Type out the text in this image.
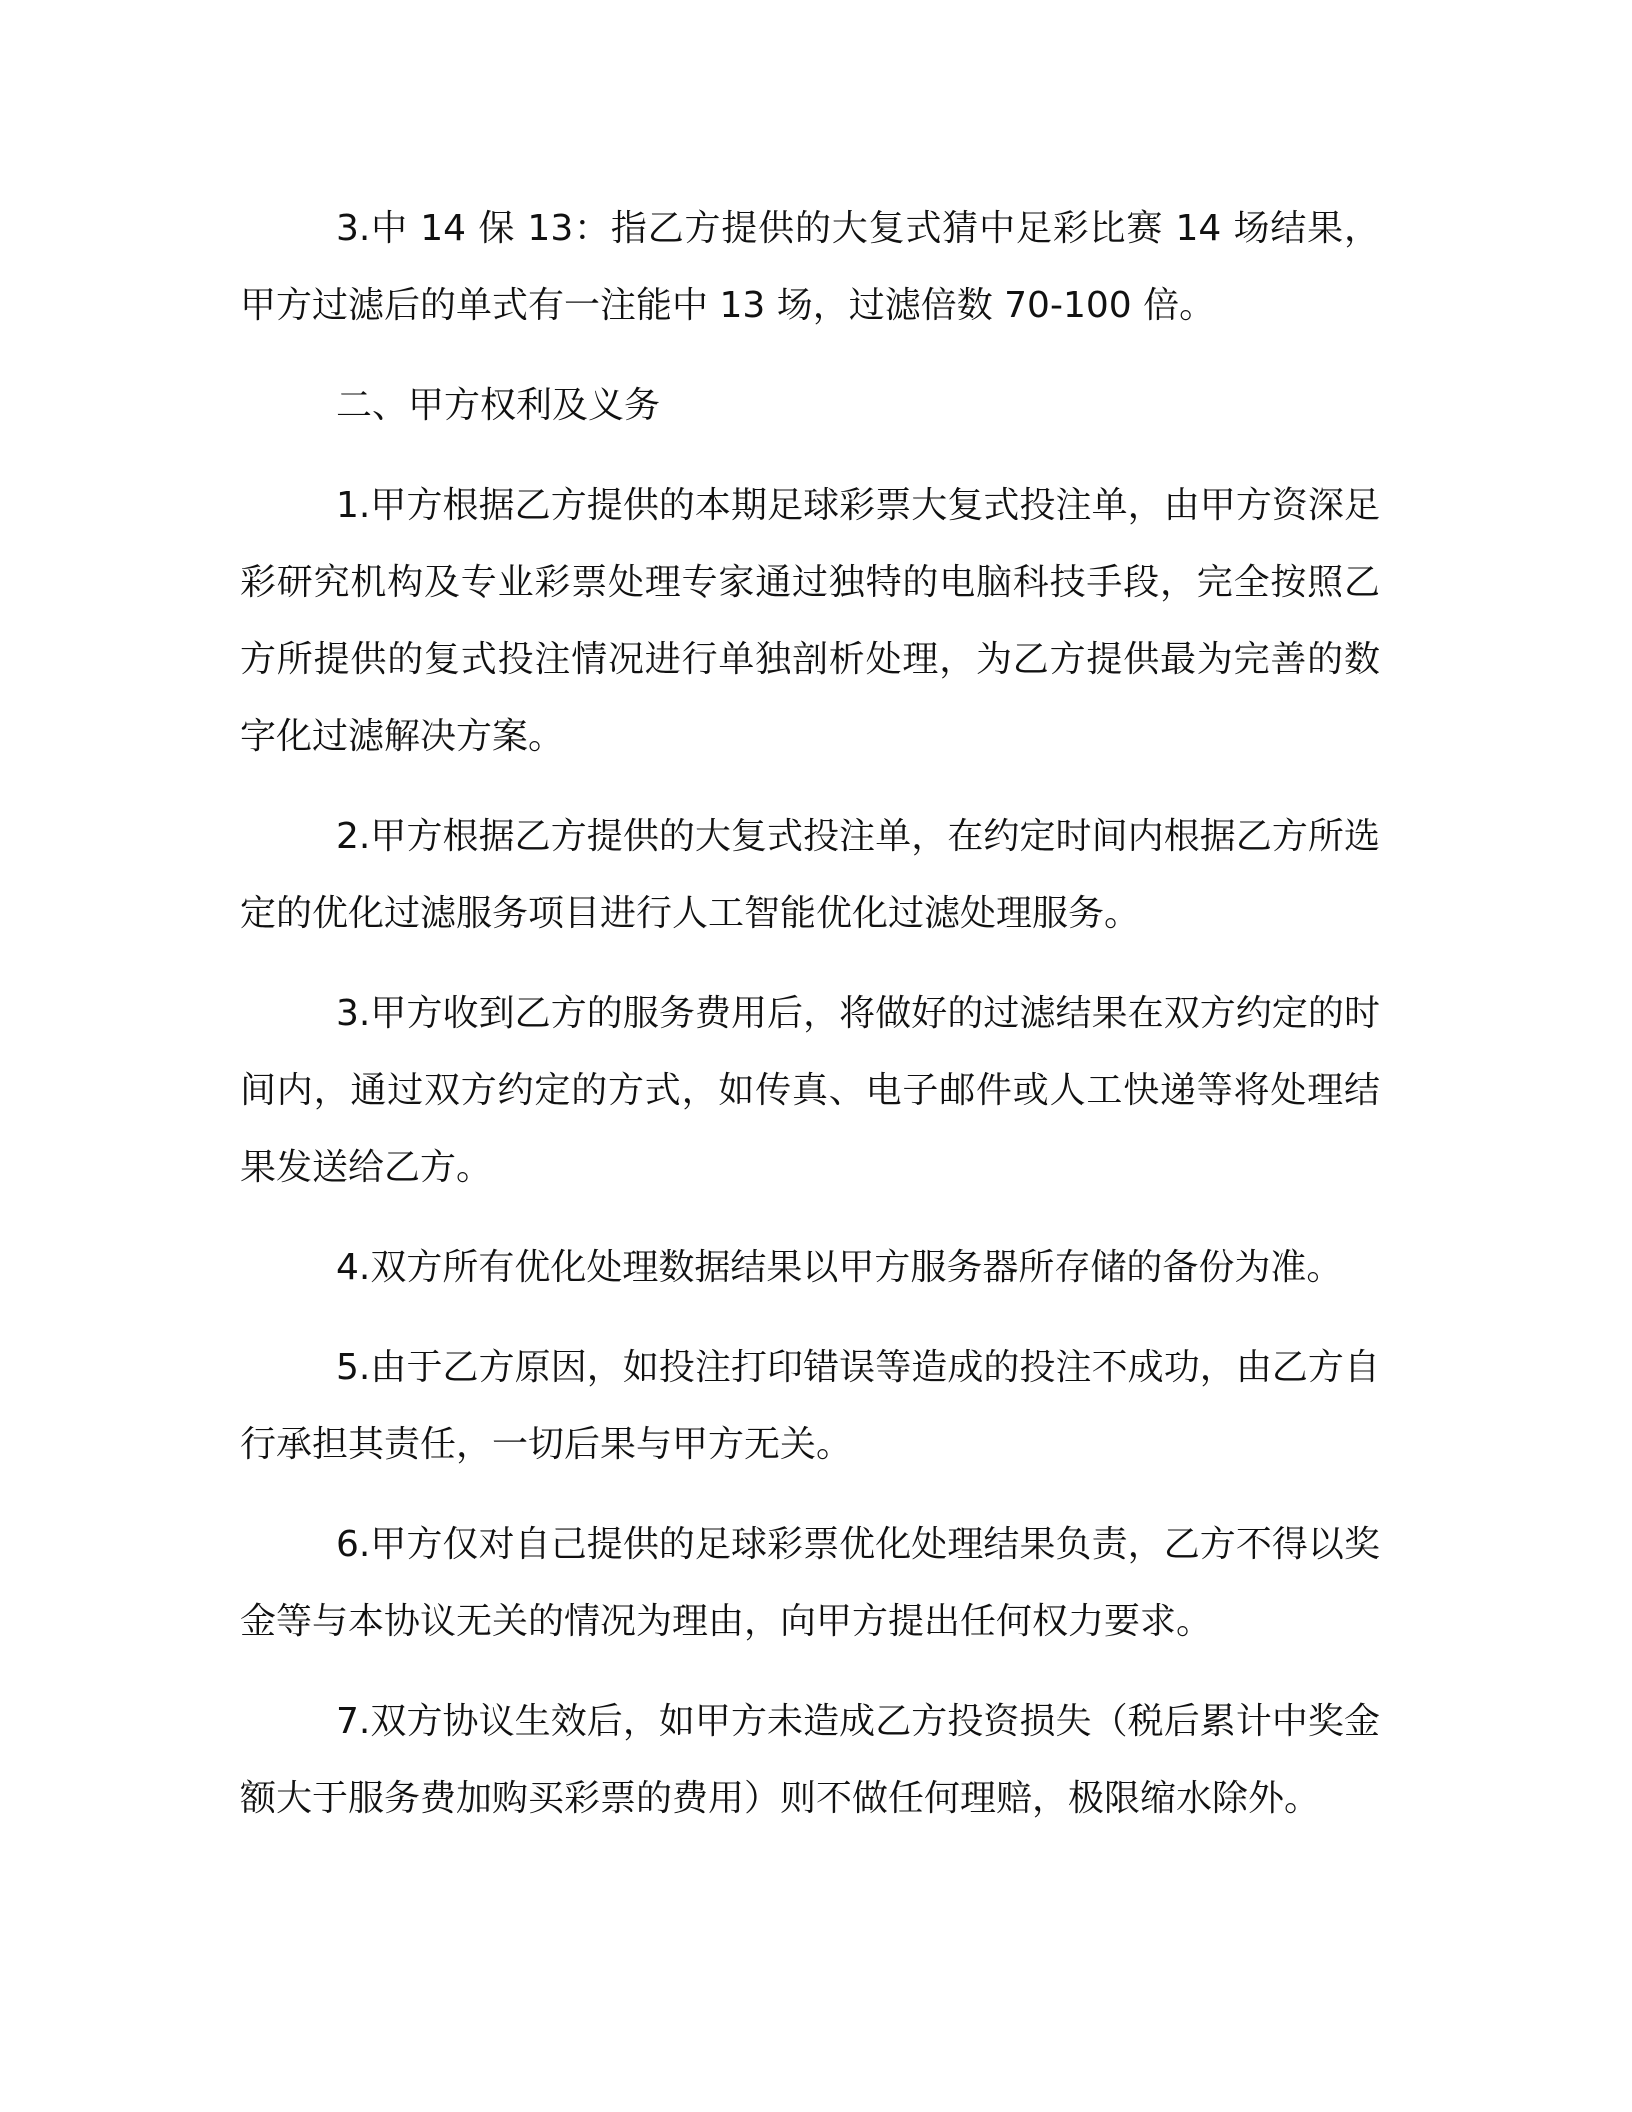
3.中 14 保 13：指乙方提供的大复式猜中足彩比赛 14 场结果，甲方过滤后的单式有一注能中 13 场，过滤倍数 70-100 倍。

二、甲方权利及义务

1.甲方根据乙方提供的本期足球彩票大复式投注单，由甲方资深足彩研究机构及专业彩票处理专家通过独特的电脑科技手段，完全按照乙方所提供的复式投注情况进行单独剖析处理，为乙方提供最为完善的数字化过滤解决方案。

2.甲方根据乙方提供的大复式投注单，在约定时间内根据乙方所选定的优化过滤服务项目进行人工智能优化过滤处理服务。

3.甲方收到乙方的服务费用后，将做好的过滤结果在双方约定的时间内，通过双方约定的方式，如传真、电子邮件或人工快递等将处理结果发送给乙方。

4.双方所有优化处理数据结果以甲方服务器所存储的备份为准。

5.由于乙方原因，如投注打印错误等造成的投注不成功，由乙方自行承担其责任，一切后果与甲方无关。

6.甲方仅对自己提供的足球彩票优化处理结果负责，乙方不得以奖金等与本协议无关的情况为理由，向甲方提出任何权力要求。

7.双方协议生效后，如甲方未造成乙方投资损失（税后累计中奖金额大于服务费加购买彩票的费用）则不做任何理赔，极限缩水除外。
